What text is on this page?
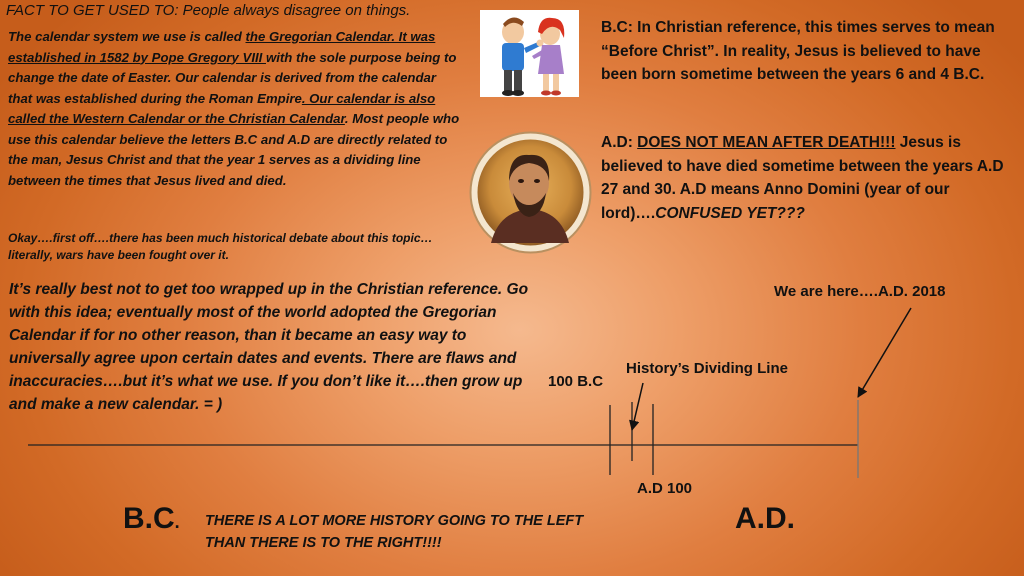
FACT TO GET USED TO: People always disagree on things.
The calendar system we use is called the Gregorian Calendar. It was established in 1582 by Pope Gregory VIII with the sole purpose being to change the date of Easter. Our calendar is derived from the calendar that was established during the Roman Empire. Our calendar is also called the Western Calendar or the Christian Calendar. Most people who use this calendar believe the letters B.C and A.D are directly related to the man, Jesus Christ and that the year 1 serves as a dividing line between the times that Jesus lived and died.
Okay….first off….there has been much historical debate about this topic…literally, wars have been fought over it.
It’s really best not to get too wrapped up in the Christian reference. Go with this idea; eventually most of the world adopted the Gregorian Calendar if for no other reason, than it became an easy way to universally agree upon certain dates and events. There are flaws and inaccuracies….but it’s what we use. If you don’t like it….then grow up and make a new calendar. = )
B.C: In Christian reference, this times serves to mean “Before Christ”. In reality, Jesus is believed to have been born sometime between the years 6 and 4 B.C.
A.D: DOES NOT MEAN AFTER DEATH!!! Jesus is believed to have died sometime between the years A.D 27 and 30. A.D means Anno Domini (year of our lord)….CONFUSED YET???
We are here….A.D. 2018
History’s Dividing Line
100 B.C
A.D 100
B.C.	A.D.
THERE IS A LOT MORE HISTORY GOING TO THE LEFT THAN THERE IS TO THE RIGHT!!!!
